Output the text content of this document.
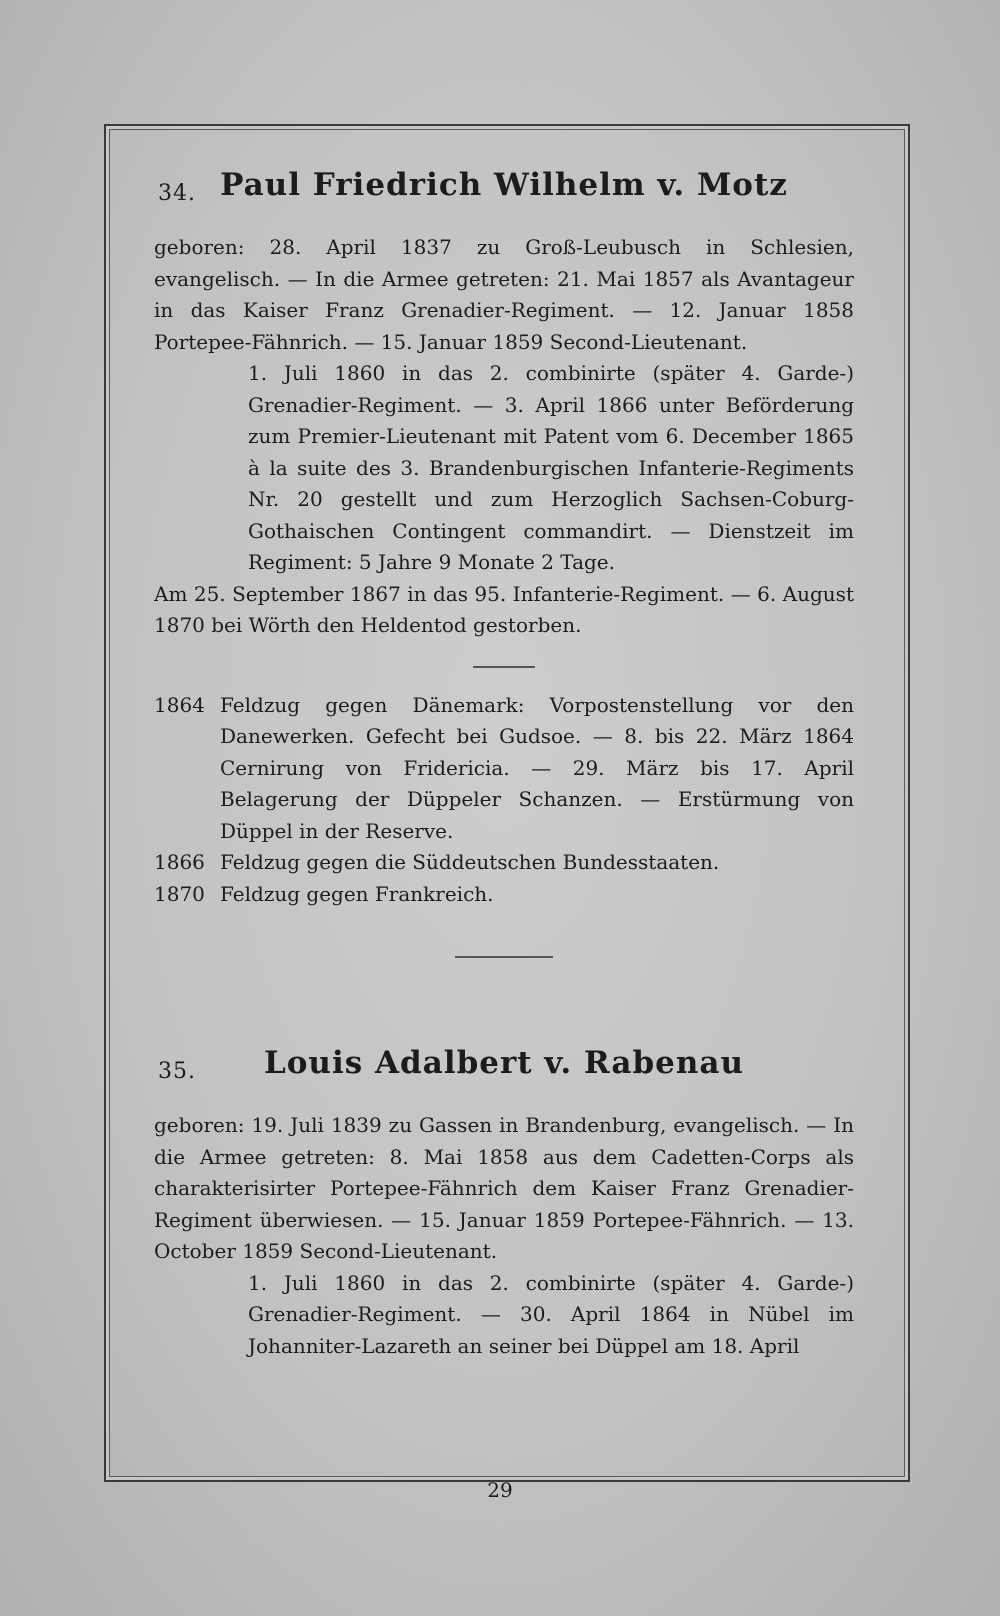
34. Paul Friedrich Wilhelm v. Motz

geboren: 28. April 1837 zu Groß-Leubusch in Schlesien, evangelisch. — In die Armee getreten: 21. Mai 1857 als Avantageur in das Kaiser Franz Grenadier-Regiment. — 12. Januar 1858 Portepee-Fähnrich. — 15. Januar 1859 Second-Lieutenant.

1. Juli 1860 in das 2. combinirte (später 4. Garde-) Grenadier-Regiment. — 3. April 1866 unter Beförderung zum Premier-Lieutenant mit Patent vom 6. December 1865 à la suite des 3. Brandenburgischen Infanterie-Regiments Nr. 20 gestellt und zum Herzoglich Sachsen-Coburg-Gothaischen Contingent commandirt. — Dienstzeit im Regiment: 5 Jahre 9 Monate 2 Tage.

Am 25. September 1867 in das 95. Infanterie-Regiment. — 6. August 1870 bei Wörth den Heldentod gestorben.

1864 Feldzug gegen Dänemark: Vorpostenstellung vor den Danewerken. Gefecht bei Gudsoe. — 8. bis 22. März 1864 Cernirung von Fridericia. — 29. März bis 17. April Belagerung der Düppeler Schanzen. — Erstürmung von Düppel in der Reserve.
1866 Feldzug gegen die Süddeutschen Bundesstaaten.
1870 Feldzug gegen Frankreich.
35.	Louis Adalbert v. Rabenau

geboren: 19. Juli 1839 zu Gassen in Brandenburg, evangelisch. — In die Armee getreten: 8. Mai 1858 aus dem Cadetten-Corps als charakterisirter Portepee-Fähnrich dem Kaiser Franz Grenadier-Regiment überwiesen. — 15. Januar 1859 Portepee-Fähnrich. — 13. October 1859 Second-Lieutenant.

1. Juli 1860 in das 2. combinirte (später 4. Garde-) Grenadier-Regiment. — 30. April 1864 in Nübel im Johanniter-Lazareth an seiner bei Düppel am 18. April

29
